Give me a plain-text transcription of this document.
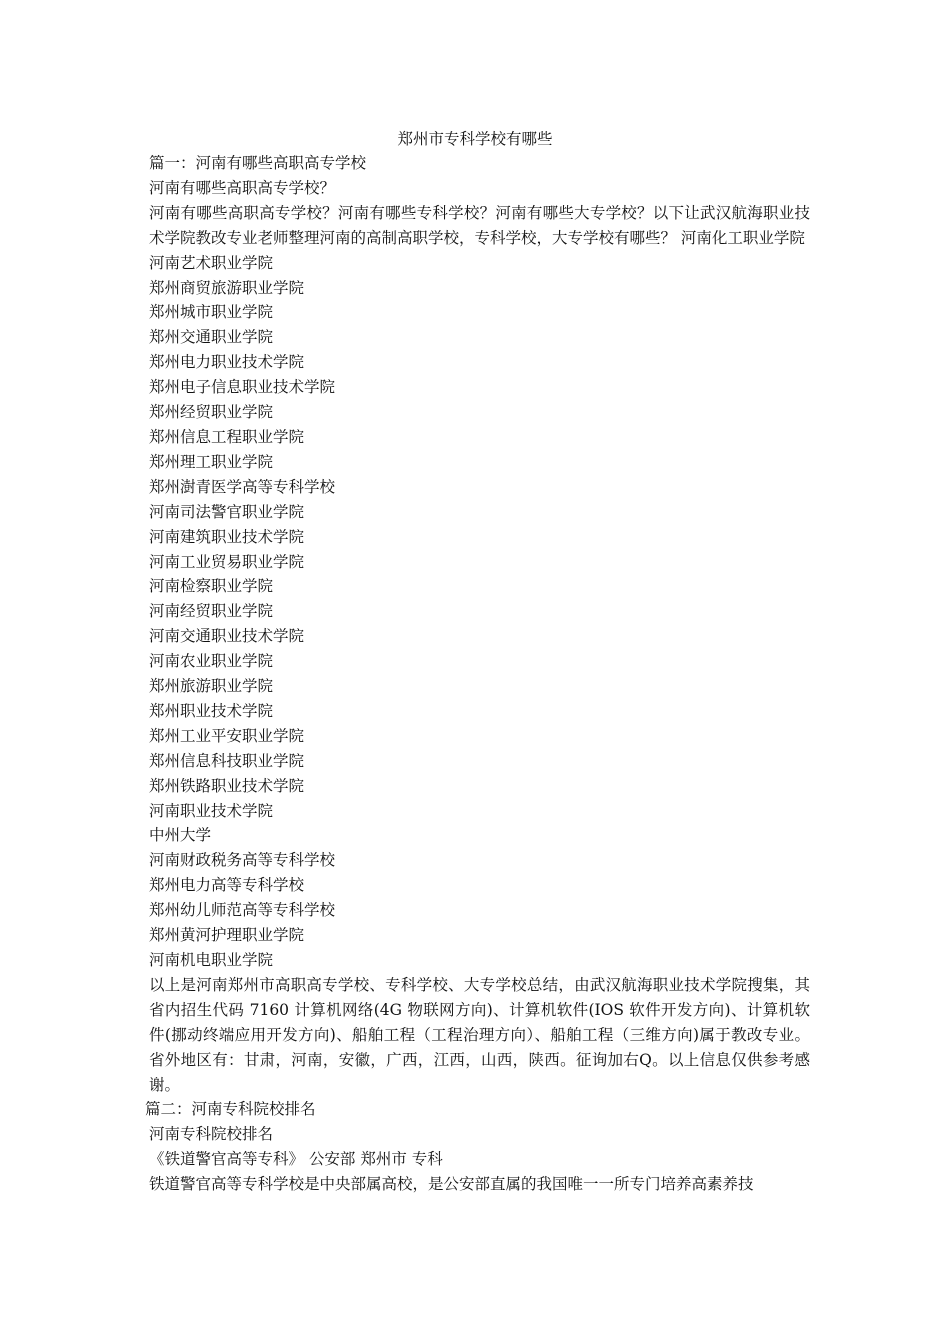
郑州市专科学校有哪些
篇一：河南有哪些高职高专学校
河南有哪些高职高专学校？
河南有哪些高职高专学校？河南有哪些专科学校？河南有哪些大专学校？以下让武汉航海职业技术学院教改专业老师整理河南的高制高职学校，专科学校，大专学校有哪些？ 河南化工职业学院
河南艺术职业学院
郑州商贸旅游职业学院
郑州城市职业学院
郑州交通职业学院
郑州电力职业技术学院
郑州电子信息职业技术学院
郑州经贸职业学院
郑州信息工程职业学院
郑州理工职业学院
郑州澍青医学高等专科学校
河南司法警官职业学院
河南建筑职业技术学院
河南工业贸易职业学院
河南检察职业学院
河南经贸职业学院
河南交通职业技术学院
河南农业职业学院
郑州旅游职业学院
郑州职业技术学院
郑州工业平安职业学院
郑州信息科技职业学院
郑州铁路职业技术学院
河南职业技术学院
中州大学
河南财政税务高等专科学校
郑州电力高等专科学校
郑州幼儿师范高等专科学校
郑州黄河护理职业学院
河南机电职业学院
以上是河南郑州市高职高专学校、专科学校、大专学校总结，由武汉航海职业技术学院搜集，其省内招生代码 7160 计算机网络(4G 物联网方向)、计算机软件(IOS 软件开发方向)、计算机软件(挪动终端应用开发方向)、船舶工程（工程治理方向）、船舶工程（三维方向)属于教改专业。省外地区有：甘肃，河南，安徽，广西，江西，山西，陕西。征询加右Q。以上信息仅供参考感谢。
篇二：河南专科院校排名
河南专科院校排名
《铁道警官高等专科》 公安部 郑州市 专科
铁道警官高等专科学校是中央部属高校，是公安部直属的我国唯一一所专门培养高素养技
